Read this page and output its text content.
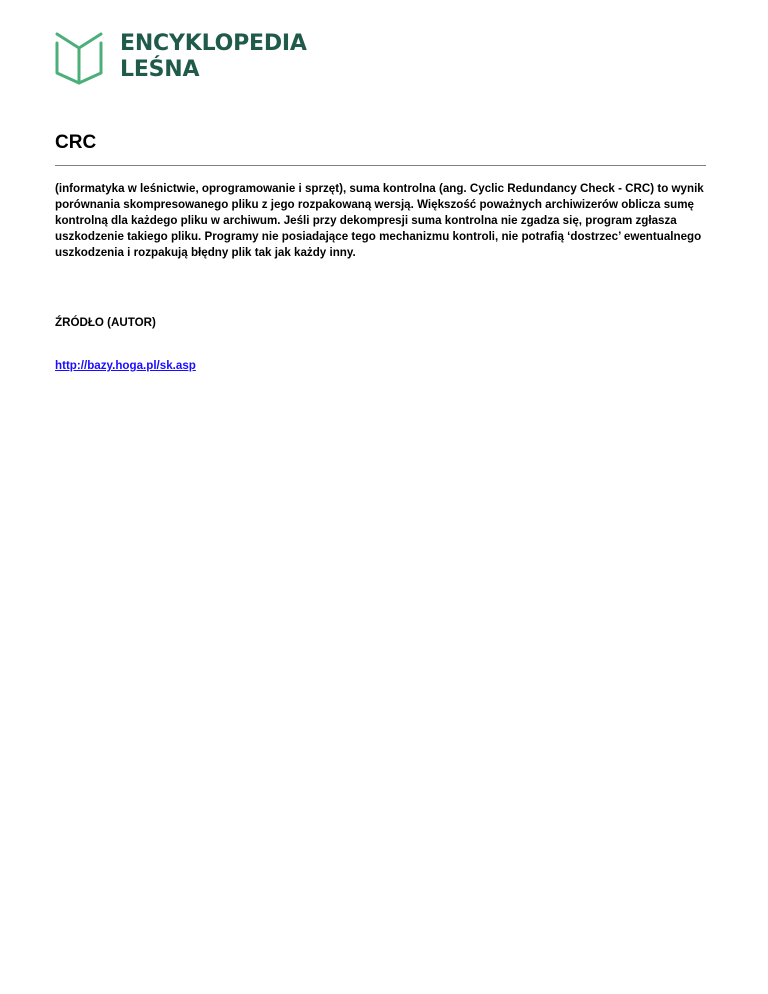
ENCYKLOPEDIA
LEŚNA
CRC

(informatyka w leśnictwie, oprogramowanie i sprzęt), suma kontrolna (ang. Cyclic Redundancy Check - CRC) to wynik porównania skompresowanego pliku z jego rozpakowaną wersją. Większość poważnych archiwizerów oblicza sumę kontrolną dla każdego pliku w archiwum. Jeśli przy dekompresji suma kontrolna nie zgadza się, program zgłasza uszkodzenie takiego pliku. Programy nie posiadające tego mechanizmu kontroli, nie potrafią ‘dostrzec’ ewentualnego uszkodzenia i rozpakują błędny plik tak jak każdy inny.

ŹRÓDŁO (AUTOR)

http://bazy.hoga.pl/sk.asp
